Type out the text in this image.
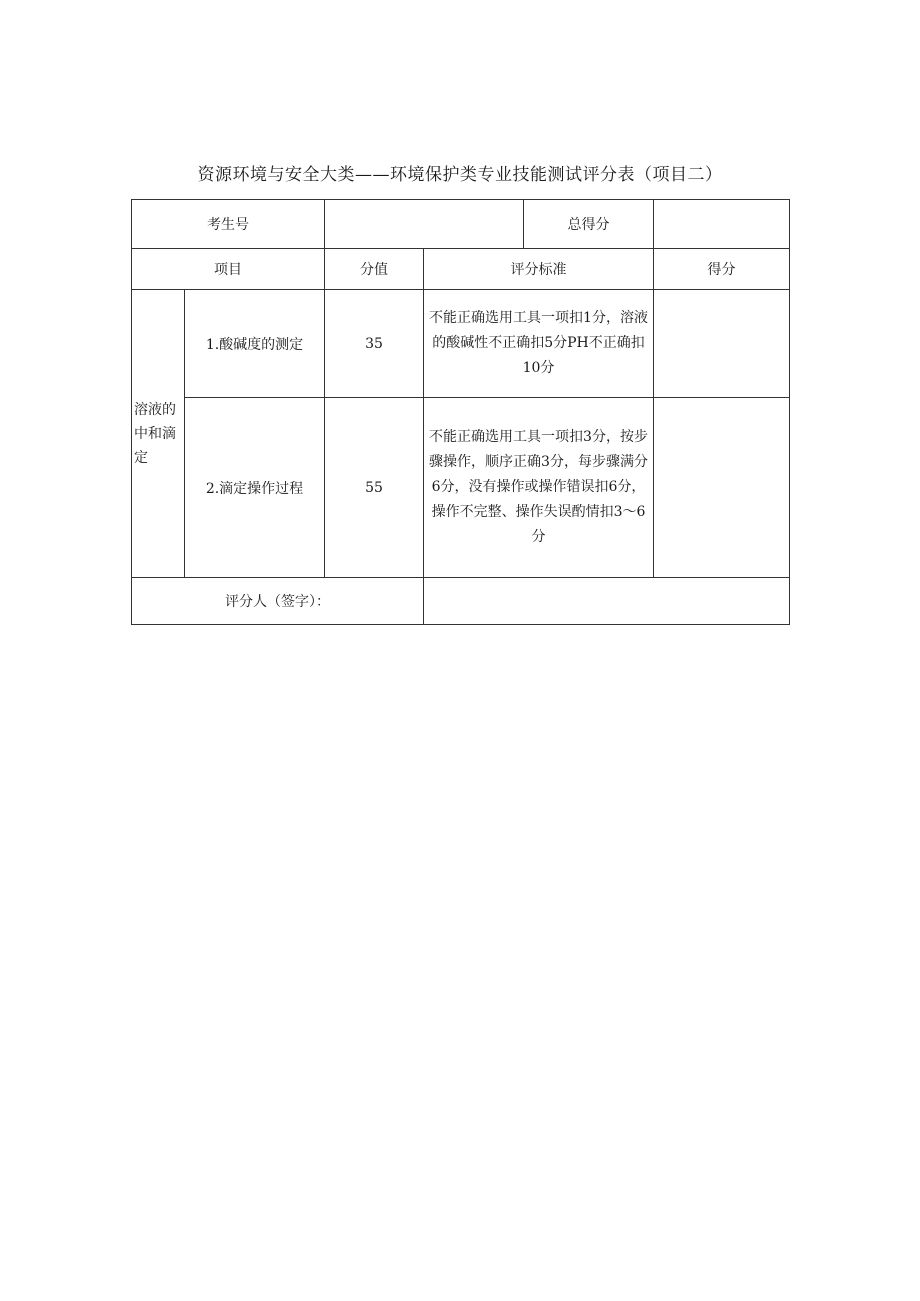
资源环境与安全大类——环境保护类专业技能测试评分表（项目二）
考生号				总得分	
项目		分值	评分标准		得分
溶液的中和滴定	1.酸碱度的测定	35	不能正确选用工具一项扣1分，溶液的酸碱性不正确扣5分PH不正确扣10分		
	2.滴定操作过程	55	不能正确选用工具一项扣3分，按步骤操作，顺序正确3分，每步骤满分6分，没有操作或操作错误扣6分，操作不完整、操作失误酌情扣3～6分		
评分人（签字）：					
